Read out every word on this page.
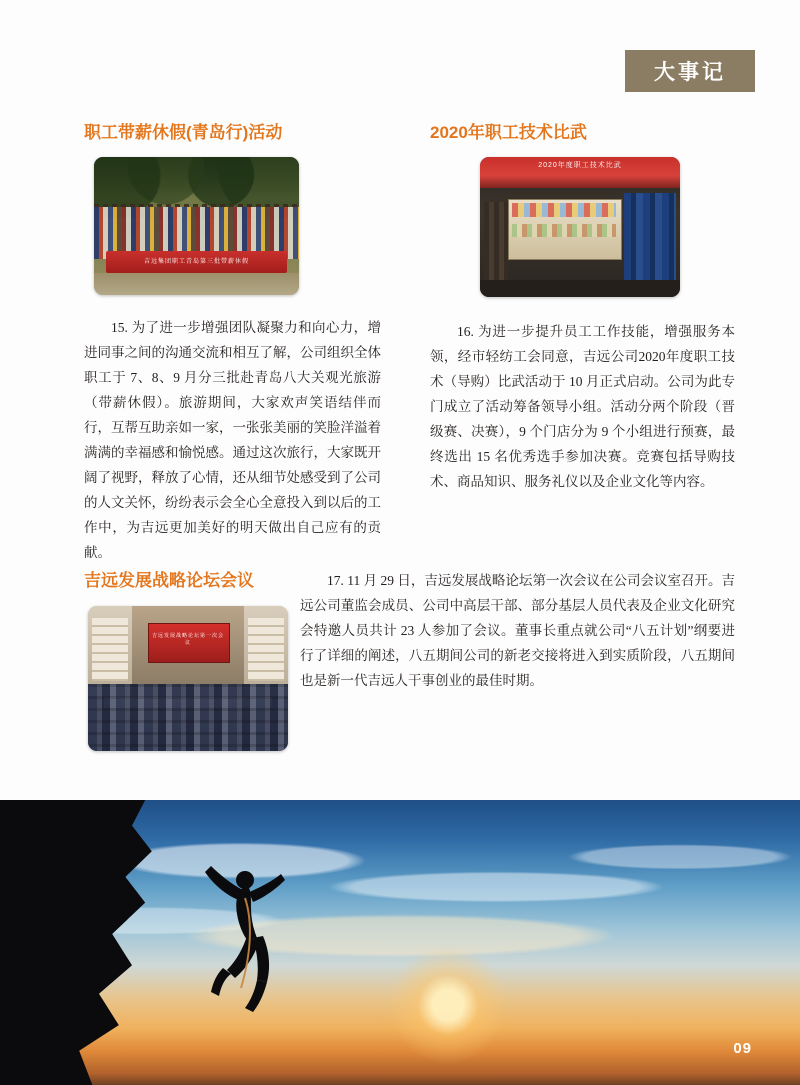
大事记
职工带薪休假(青岛行)活动
吉远集团职工青岛第三批带薪休假
15. 为了进一步增强团队凝聚力和向心力，增进同事之间的沟通交流和相互了解，公司组织全体职工于 7、8、9 月分三批赴青岛八大关观光旅游（带薪休假）。旅游期间，大家欢声笑语结伴而行，互帮互助亲如一家，一张张美丽的笑脸洋溢着满满的幸福感和愉悦感。通过这次旅行，大家既开阔了视野，释放了心情，还从细节处感受到了公司的人文关怀，纷纷表示会全心全意投入到以后的工作中，为吉远更加美好的明天做出自己应有的贡献。
2020年职工技术比武
2020年度职工技术比武
16. 为进一步提升员工工作技能，增强服务本领，经市轻纺工会同意，吉远公司2020年度职工技术（导购）比武活动于 10 月正式启动。公司为此专门成立了活动筹备领导小组。活动分两个阶段（晋级赛、决赛），9 个门店分为 9 个小组进行预赛，最终选出 15 名优秀选手参加决赛。竞赛包括导购技术、商品知识、服务礼仪以及企业文化等内容。
吉远发展战略论坛会议
吉远发展战略论坛第一次会议
17. 11 月 29 日，吉远发展战略论坛第一次会议在公司会议室召开。吉远公司董监会成员、公司中高层干部、部分基层人员代表及企业文化研究会特邀人员共计 23 人参加了会议。董事长重点就公司“八五计划”纲要进行了详细的阐述，八五期间公司的新老交接将进入到实质阶段，八五期间也是新一代吉远人干事创业的最佳时期。
09
